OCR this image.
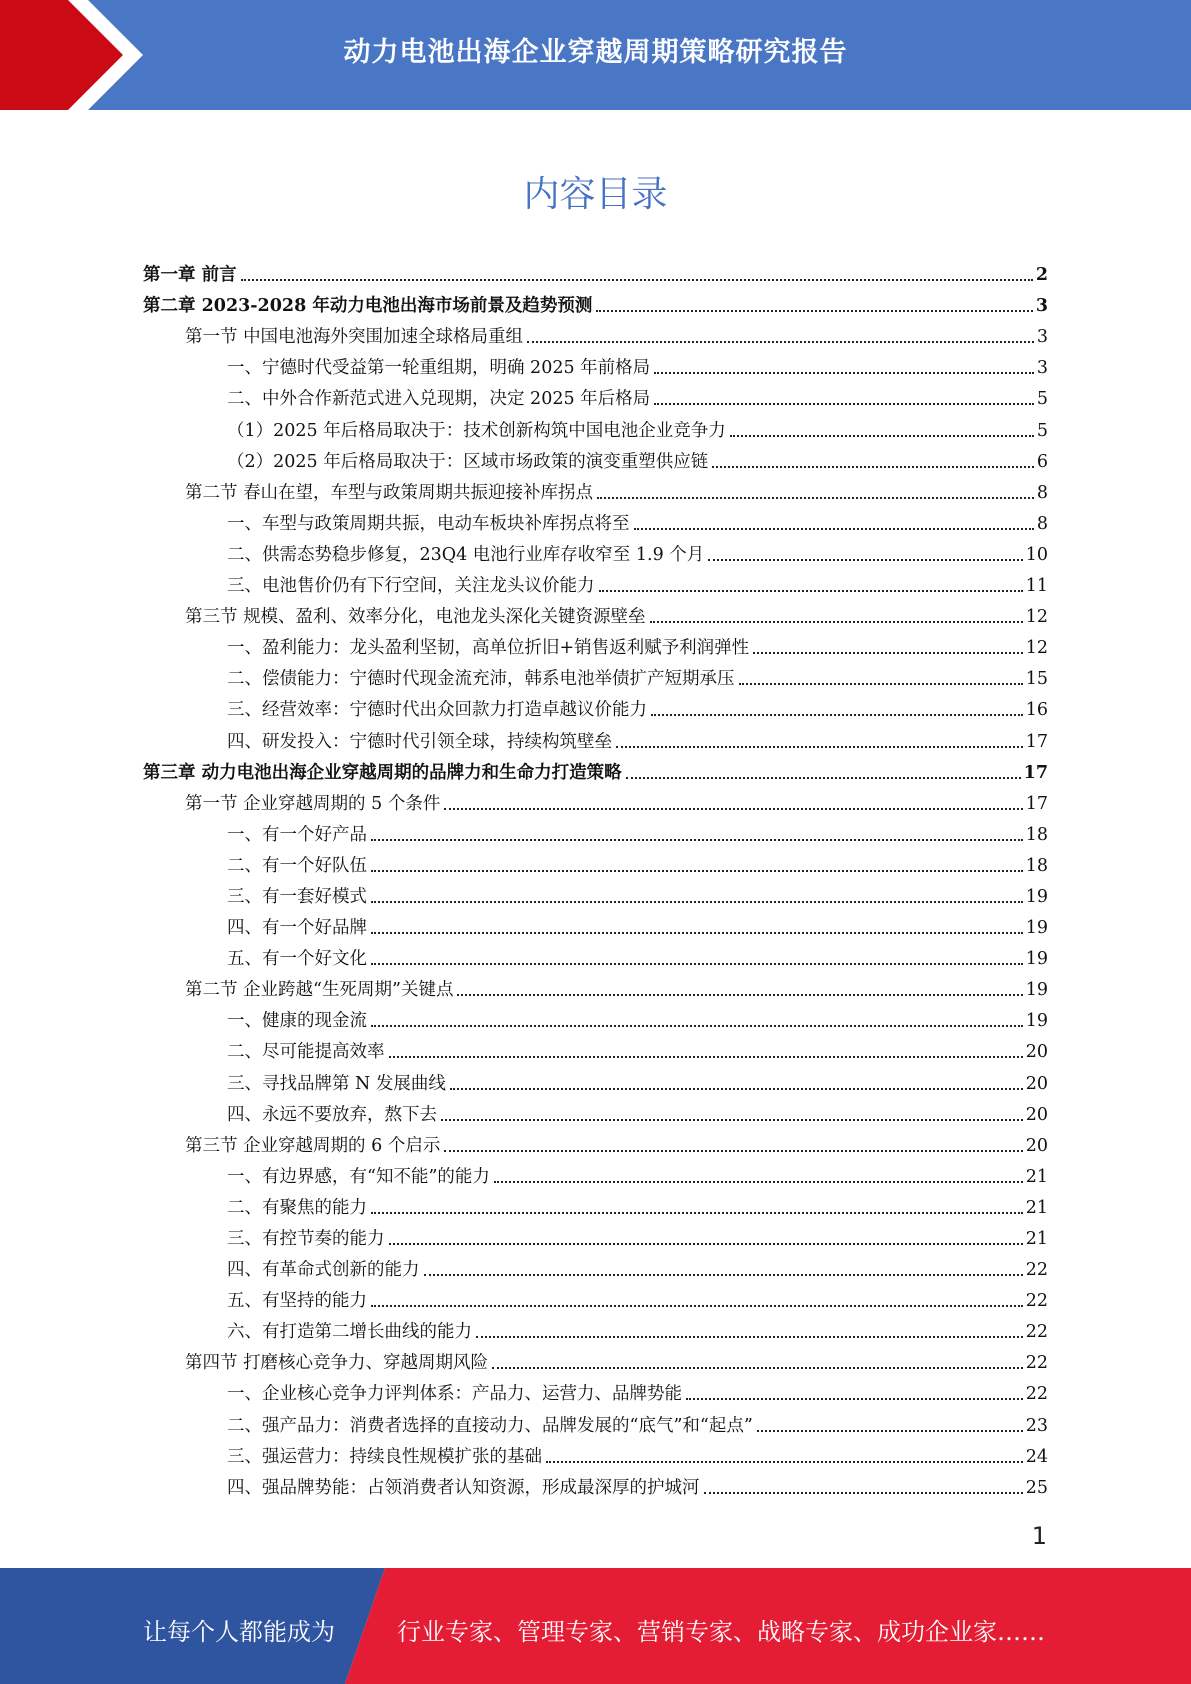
动力电池出海企业穿越周期策略研究报告
内容目录
第一章 前言	2
第二章 2023-2028 年动力电池出海市场前景及趋势预测	3
第一节 中国电池海外突围加速全球格局重组	3
一、宁德时代受益第一轮重组期，明确 2025 年前格局	3
二、中外合作新范式进入兑现期，决定 2025 年后格局	5
（1）2025 年后格局取决于：技术创新构筑中国电池企业竞争力	5
（2）2025 年后格局取决于：区域市场政策的演变重塑供应链	6
第二节 春山在望，车型与政策周期共振迎接补库拐点	8
一、车型与政策周期共振，电动车板块补库拐点将至	8
二、供需态势稳步修复，23Q4 电池行业库存收窄至 1.9 个月	10
三、电池售价仍有下行空间，关注龙头议价能力	11
第三节 规模、盈利、效率分化，电池龙头深化关键资源壁垒	12
一、盈利能力：龙头盈利坚韧，高单位折旧+销售返利赋予利润弹性	12
二、偿债能力：宁德时代现金流充沛，韩系电池举债扩产短期承压	15
三、经营效率：宁德时代出众回款力打造卓越议价能力	16
四、研发投入：宁德时代引领全球，持续构筑壁垒	17
第三章 动力电池出海企业穿越周期的品牌力和生命力打造策略	17
第一节 企业穿越周期的 5 个条件	17
一、有一个好产品	18
二、有一个好队伍	18
三、有一套好模式	19
四、有一个好品牌	19
五、有一个好文化	19
第二节 企业跨越“生死周期”关键点	19
一、健康的现金流	19
二、尽可能提高效率	20
三、寻找品牌第 N 发展曲线	20
四、永远不要放弃，熬下去	20
第三节 企业穿越周期的 6 个启示	20
一、有边界感，有“知不能”的能力	21
二、有聚焦的能力	21
三、有控节奏的能力	21
四、有革命式创新的能力	22
五、有坚持的能力	22
六、有打造第二增长曲线的能力	22
第四节 打磨核心竞争力、穿越周期风险	22
一、企业核心竞争力评判体系：产品力、运营力、品牌势能	22
二、强产品力：消费者选择的直接动力、品牌发展的“底气”和“起点”	23
三、强运营力：持续良性规模扩张的基础	24
四、强品牌势能：占领消费者认知资源，形成最深厚的护城河	25
1
让每个人都能成为	行业专家、管理专家、营销专家、战略专家、成功企业家……
